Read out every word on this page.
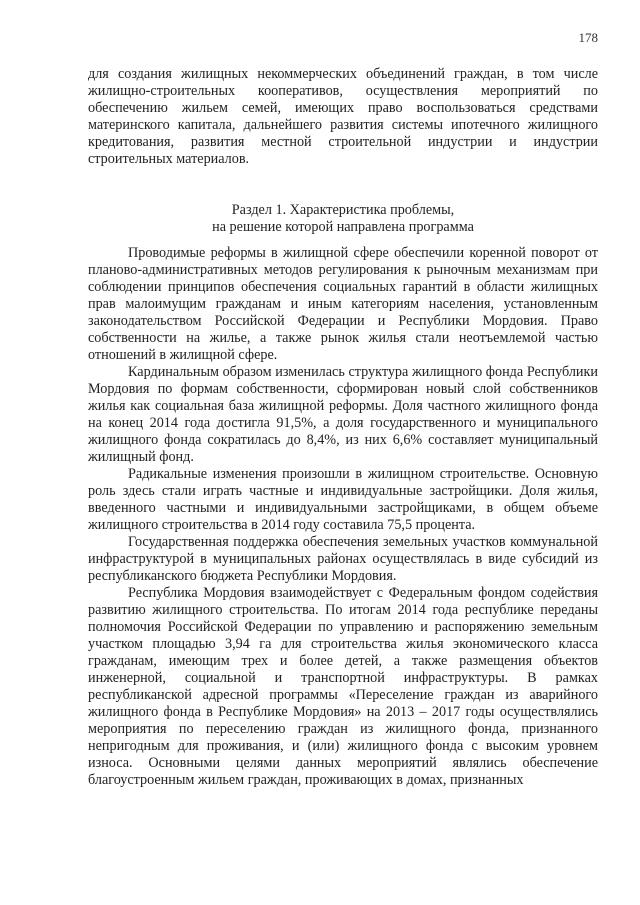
178

для создания жилищных некоммерческих объединений граждан, в том числе жилищно-строительных кооперативов, осуществления мероприятий по обеспечению жильем семей, имеющих право воспользоваться средствами материнского капитала, дальнейшего развития системы ипотечного жилищного кредитования, развития местной строительной индустрии и индустрии строительных материалов.

Раздел 1. Характеристика проблемы,
на решение которой направлена программа

Проводимые реформы в жилищной сфере обеспечили коренной поворот от планово-административных методов регулирования к рыночным механизмам при соблюдении принципов обеспечения социальных гарантий в области жилищных прав малоимущим гражданам и иным категориям населения, установленным законодательством Российской Федерации и Республики Мордовия. Право собственности на жилье, а также рынок жилья стали неотъемлемой частью отношений в жилищной сфере.

Кардинальным образом изменилась структура жилищного фонда Республики Мордовия по формам собственности, сформирован новый слой собственников жилья как социальная база жилищной реформы. Доля частного жилищного фонда на конец 2014 года достигла 91,5%, а доля государственного и муниципального жилищного фонда сократилась до 8,4%, из них 6,6% составляет муниципальный жилищный фонд.

Радикальные изменения произошли в жилищном строительстве. Основную роль здесь стали играть частные и индивидуальные застройщики. Доля жилья, введенного частными и индивидуальными застройщиками, в общем объеме жилищного строительства в 2014 году составила 75,5 процента.

Государственная поддержка обеспечения земельных участков коммунальной инфраструктурой в муниципальных районах осуществлялась в виде субсидий из республиканского бюджета Республики Мордовия.

Республика Мордовия взаимодействует с Федеральным фондом содействия развитию жилищного строительства. По итогам 2014 года республике переданы полномочия Российской Федерации по управлению и распоряжению земельным участком площадью 3,94 га для строительства жилья экономического класса гражданам, имеющим трех и более детей, а также размещения объектов инженерной, социальной и транспортной инфраструктуры. В рамках республиканской адресной программы «Переселение граждан из аварийного жилищного фонда в Республике Мордовия» на 2013 – 2017 годы осуществлялись мероприятия по переселению граждан из жилищного фонда, признанного непригодным для проживания, и (или) жилищного фонда с высоким уровнем износа. Основными целями данных мероприятий являлись обеспечение благоустроенным жильем граждан, проживающих в домах, признанных
